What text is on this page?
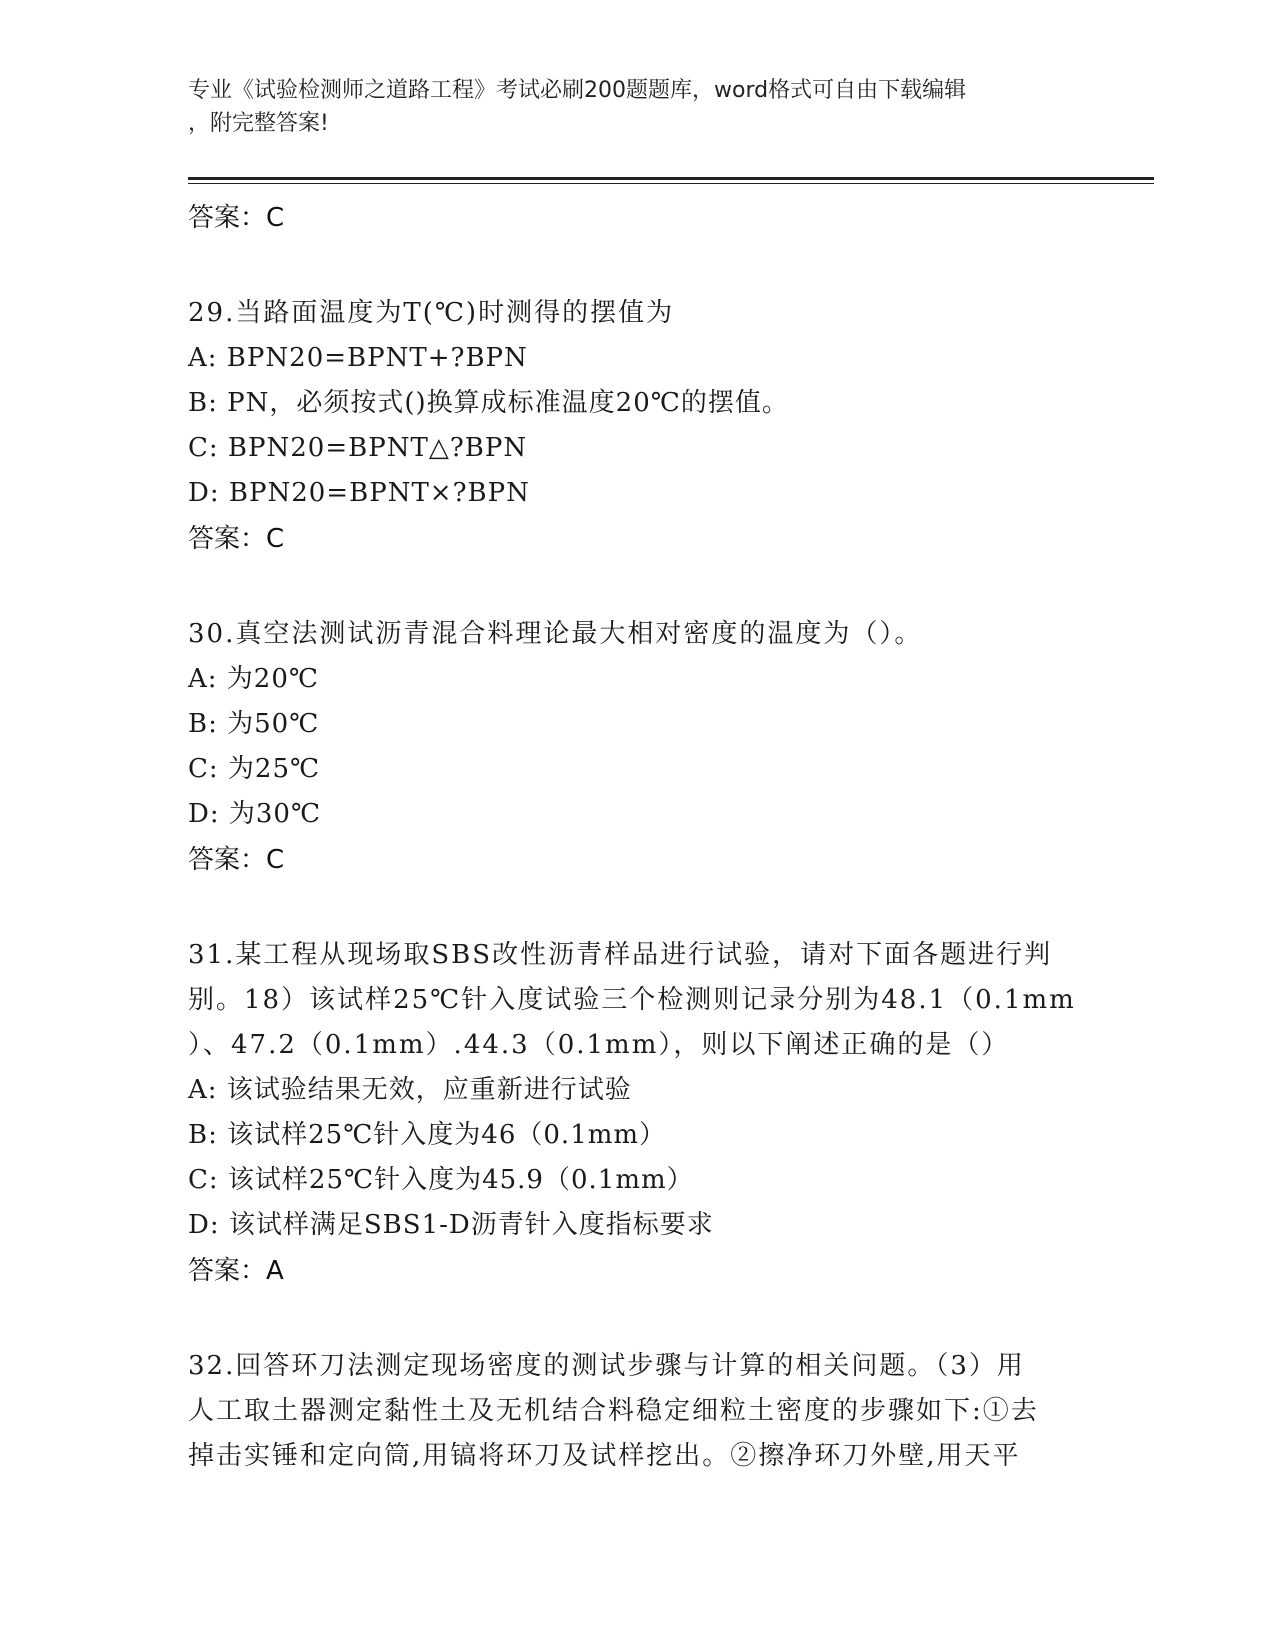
专业《试验检测师之道路工程》考试必刷200题题库，word格式可自由下载编辑
，附完整答案!
答案：C
29.当路面温度为T(℃)时测得的摆值为
A: BPN20=BPNT+?BPN
B: PN，必须按式()换算成标准温度20℃的摆值。
C: BPN20=BPNT△?BPN
D: BPN20=BPNT×?BPN
答案：C
30.真空法测试沥青混合料理论最大相对密度的温度为（）。
A: 为20℃
B: 为50℃
C: 为25℃
D: 为30℃
答案：C
31.某工程从现场取SBS改性沥青样品进行试验，请对下面各题进行判
别。18）该试样25℃针入度试验三个检测则记录分别为48.1（0.1mm
）、47.2（0.1mm）.44.3（0.1mm），则以下阐述正确的是（）
A: 该试验结果无效，应重新进行试验
B: 该试样25℃针入度为46（0.1mm）
C: 该试样25℃针入度为45.9（0.1mm）
D: 该试样满足SBS1-D沥青针入度指标要求
答案：A
32.回答环刀法测定现场密度的测试步骤与计算的相关问题。（3）用
人工取土器测定黏性土及无机结合料稳定细粒土密度的步骤如下:①去
掉击实锤和定向筒,用镐将环刀及试样挖出。②擦净环刀外壁,用天平
